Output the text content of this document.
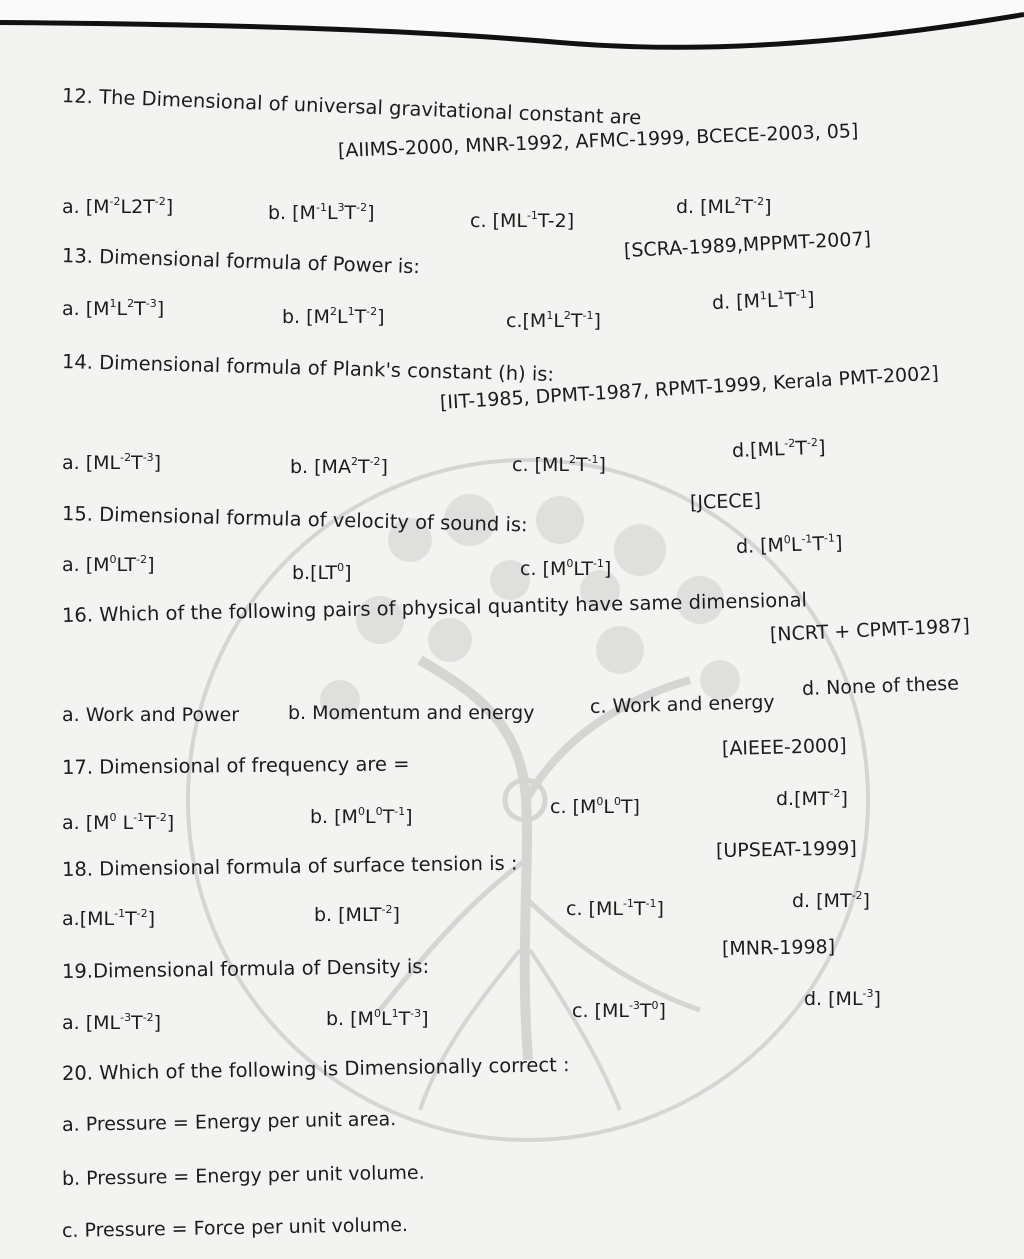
12. The Dimensional of universal gravitational constant are
[AIIMS-2000, MNR-1992, AFMC-1999, BCECE-2003, 05]
a. $[M^{-2}L2T^{-2}]$	b. $[M^{-1}L^3T^{-2}]$	c. $[ML^{-1}T-2]$
d. $[ML^2T^{-2}]$
13. Dimensional formula of Power is:	[SCRA-1989,MPPMT-2007]
a. $[M^1L^2T^{-3}]$	b. $[M^2L^1T^{-2}]$	$c.[M^1L^2T^{-1}]$
d. $[M^1L^1T^{-1}]$
14. Dimensional formula of Plank's constant (h) is:
[IIT-1985, DPMT-1987, RPMT-1999, Kerala PMT-2002]
a. $[ML^{-2}T^{-3}]$	b. $[MA^2T^{-2}]$	c. $[ML^2T^{-1}]$
$d.[ML^{-2}T^{-2}]$
15. Dimensional formula of velocity of sound is:
[JCECE]
a. $[M^0LT^{-2}]$	$b.[LT^0]$	c. $[M^0LT^{-1}]$
d. $[M^0L^{-1}T^{-1}]$
16. Which of the following pairs of physical quantity have same dimensional
[NCRT + CPMT-1987]
a. Work and Power	b. Momentum and energy	c. Work and energy
d. None of these
17. Dimensional of frequency are =
[AIEEE-2000]
a. [$M^0$ $L^{-1}T^{-2}$]	b. $[M^0L^0T^{-1}]$	c. $[M^0L^0T]$	$d.[MT^{-2}]$
18. Dimensional formula of surface tension is :
[UPSEAT-1999]
$a.[ML^{-1}T^{-2}]$	b. $[MLT^{-2}]$	c. $[ML^{-1}T^{-1}]$	d. $[MT^{-2}]$
19.Dimensional formula of Density is:
[MNR-1998]
a. $[ML^{-3}T^{-2}]$	b. $[M^0L^1T^{-3}]$	c. $[ML^{-3}T^0]$
d. $[ML^{-3}]$
20. Which of the following is Dimensionally correct :
a. Pressure = Energy per unit area.
b. Pressure = Energy per unit volume.
c. Pressure = Force per unit volume.
